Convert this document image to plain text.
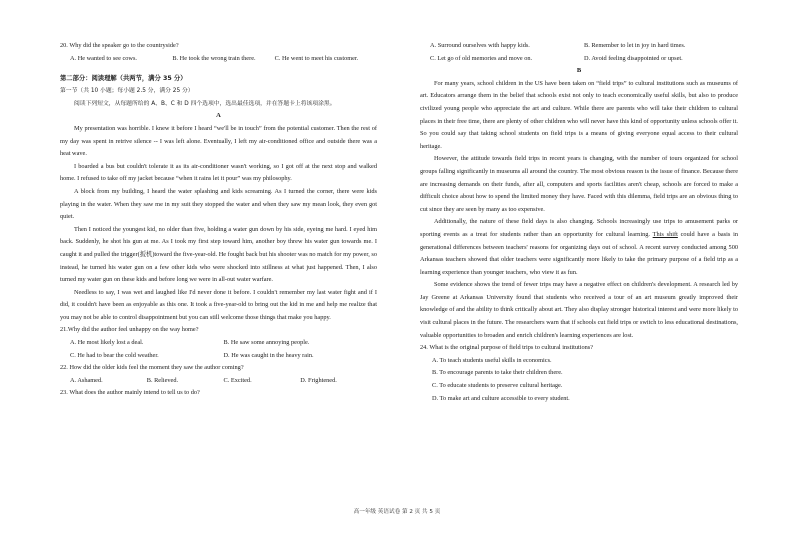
20. Why did the speaker go to the countryside?

A. He wanted to see cows.	B. He took the wrong train there.	C. He went to meet his customer.
第二部分：阅读理解（共两节，满分 35 分）

第一节（共 10 小题；每小题 2.5 分，满分 25 分）

阅读下列短文，从每题所给的 A、B、C 和 D 四个选项中，选出最佳选项，并在答题卡上将该项涂黑。

A

My presentation was horrible. I knew it before I heard “we'll be in touch” from the potential customer. Then the rest of my day was spent in retrive silence -- I was left alone. Eventually, I left my air-conditioned office and outside there was a heat wave.

I boarded a bus but couldn't tolerate it as its air-conditioner wasn't working, so I got off at the next stop and walked home. I refused to take off my jacket because “when it rains let it pour” was my philosophy.

A block from my building, I heard the water splashing and kids screaming. As I turned the corner, there were kids playing in the water. When they saw me in my suit they stopped the water and when they saw my mean look, they even got quiet.

Then I noticed the youngest kid, no older than five, holding a water gun down by his side, eyeing me hard. I eyed him back. Suddenly, he shot his gun at me. As I took my first step toward him, another boy threw his water gun towards me. I caught it and pulled the trigger(扳机)toward the five-year-old. He fought back but his shooter was no match for my power, so instead, he turned his water gun on a few other kids who were shocked into stillness at what just happened. Then, I also turned my water gun on these kids and before long we were in all-out water warfare.

Needless to say, I was wet and laughed like I'd never done it before. I couldn't remember my last water fight and if I did, it couldn't have been as enjoyable as this one. It took a five-year-old to bring out the kid in me and help me realize that you may not be able to control disappointment but you can still welcome those things that make you happy.

21.Why did the author feel unhappy on the way home?

A. He most likely lost a deal.	B. He saw some annoying people.
C. He had to bear the cold weather.	D. He was caught in the heavy rain.

22. How did the older kids feel the moment they saw the author coming?

A. Ashamed.	B. Relieved.	C. Excited.	D. Frightened.

23. What does the author mainly intend to tell us to do?

A. Surround ourselves with happy kids.	B. Remember to let in joy in hard times.
C. Let go of old memories and move on.	D. Avoid feeling disappointed or upset.

B

For many years, school children in the US have been taken on “field trips” to cultural institutions such as museums of art. Educators arrange them in the belief that schools exist not only to teach economically useful skills, but also to produce civilized young people who appreciate the art and culture. While there are parents who will take their children to cultural places in their free time, there are plenty of other children who will never have this kind of opportunity unless schools offer it. So you could say that taking school students on field trips is a means of giving everyone equal access to their cultural heritage.

However, the attitude towards field trips in recent years is changing, with the number of tours organized for school groups falling significantly in museums all around the country. The most obvious reason is the issue of finance. Because there are increasing demands on their funds, after all, computers and sports facilities aren't cheap, schools are forced to make a difficult choice about how to spend the limited money they have. Faced with this dilemma, field trips are an obvious thing to cut since they are seen by many as too expensive.

Additionally, the nature of these field days is also changing. Schools increasingly use trips to amusement parks or sporting events as a treat for students rather than an opportunity for cultural learning. This shift could have a basis in generational differences between teachers' reasons for organizing days out of school. A recent survey conducted among 500 Arkansas teachers showed that older teachers were significantly more likely to take the primary purpose of a field trip as a learning experience than younger teachers, who view it as fun.

Some evidence shows the trend of fewer trips may have a negative effect on children's development. A research led by Jay Greene at Arkansas University found that students who received a tour of an art museum greatly improved their knowledge of and the ability to think critically about art. They also display stronger historical interest and were more likely to visit cultural places in the future. The researchers warn that if schools cut field trips or switch to less educational destinations, valuable opportunities to broaden and enrich children's learning experiences are lost.

24. What is the original purpose of field trips to cultural institutions?

A. To teach students useful skills in economics.

B. To encourage parents to take their children there.

C. To educate students to preserve cultural heritage.

D. To make art and culture accessible to every student.

高一年级 英语试卷 第 2 页 共 5 页
